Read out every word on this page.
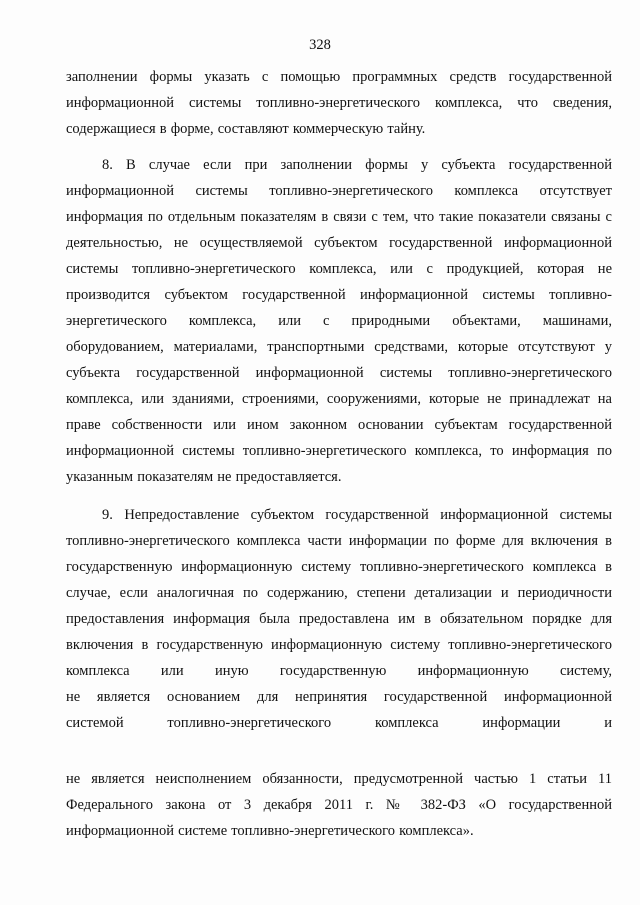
328
заполнении формы указать с помощью программных средств государственной
информационной системы топливно-энергетического комплекса, что сведения,
содержащиеся в форме, составляют коммерческую тайну.
8. В случае если при заполнении формы у субъекта государственной
информационной системы топливно-энергетического комплекса отсутствует
информация по отдельным показателям в связи с тем, что такие показатели связаны с
деятельностью, не осуществляемой субъектом государственной информационной
системы топливно-энергетического комплекса, или с продукцией, которая не
производится субъектом государственной информационной системы топливно-
энергетического комплекса, или с природными объектами, машинами,
оборудованием, материалами, транспортными средствами, которые отсутствуют у
субъекта государственной информационной системы топливно-энергетического
комплекса, или зданиями, строениями, сооружениями, которые не принадлежат на
праве собственности или ином законном основании субъектам государственной
информационной системы топливно-энергетического комплекса, то информация по
указанным показателям не предоставляется.
9. Непредоставление субъектом государственной информационной системы
топливно-энергетического комплекса части информации по форме для включения в
государственную информационную систему топливно-энергетического комплекса в
случае, если аналогичная по содержанию, степени детализации и периодичности
предоставления информация была предоставлена им в обязательном порядке для
включения в государственную информационную систему топливно-энергетического
комплекса или иную государственную информационную систему,
не является основанием для непринятия государственной информационной
системой топливно-энергетического комплекса информации и
не является неисполнением обязанности, предусмотренной частью 1 статьи 11
Федерального закона от 3 декабря 2011 г. № 382-ФЗ «О государственной
информационной системе топливно-энергетического комплекса».
